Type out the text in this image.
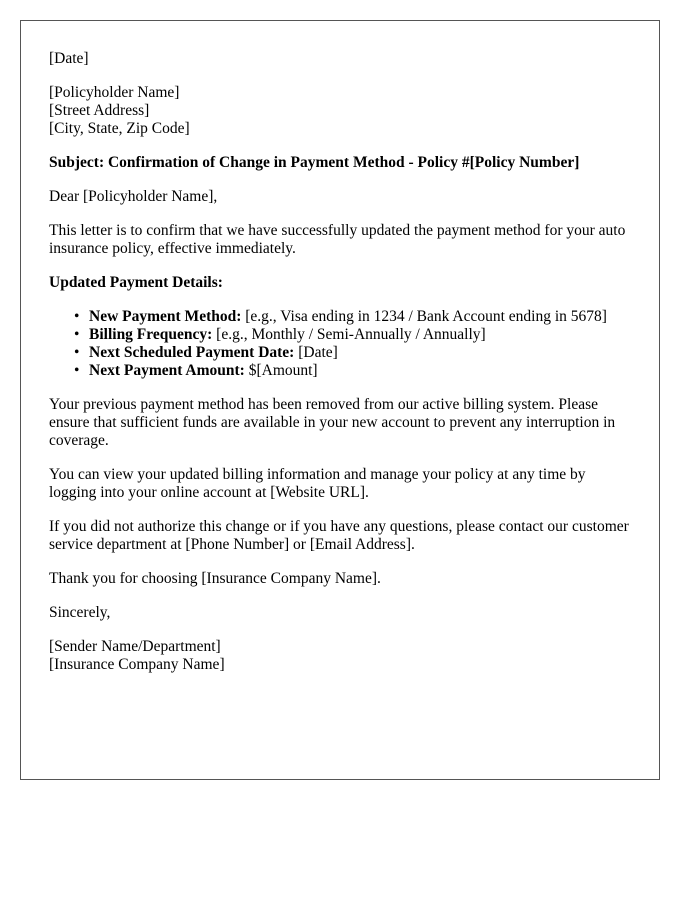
[Date]

[Policyholder Name]

[Street Address]

[City, State, Zip Code]

Subject: Confirmation of Change in Payment Method - Policy #[Policy Number]

Dear [Policyholder Name],

This letter is to confirm that we have successfully updated the payment method for your auto insurance policy, effective immediately.

Updated Payment Details:

• New Payment Method: [e.g., Visa ending in 1234 / Bank Account ending in 5678]
• Billing Frequency: [e.g., Monthly / Semi-Annually / Annually]
• Next Scheduled Payment Date: [Date]
• Next Payment Amount: $[Amount]

Your previous payment method has been removed from our active billing system. Please ensure that sufficient funds are available in your new account to prevent any interruption in coverage.

You can view your updated billing information and manage your policy at any time by logging into your online account at [Website URL].

If you did not authorize this change or if you have any questions, please contact our customer service department at [Phone Number] or [Email Address].

Thank you for choosing [Insurance Company Name].

Sincerely,

[Sender Name/Department]

[Insurance Company Name]
